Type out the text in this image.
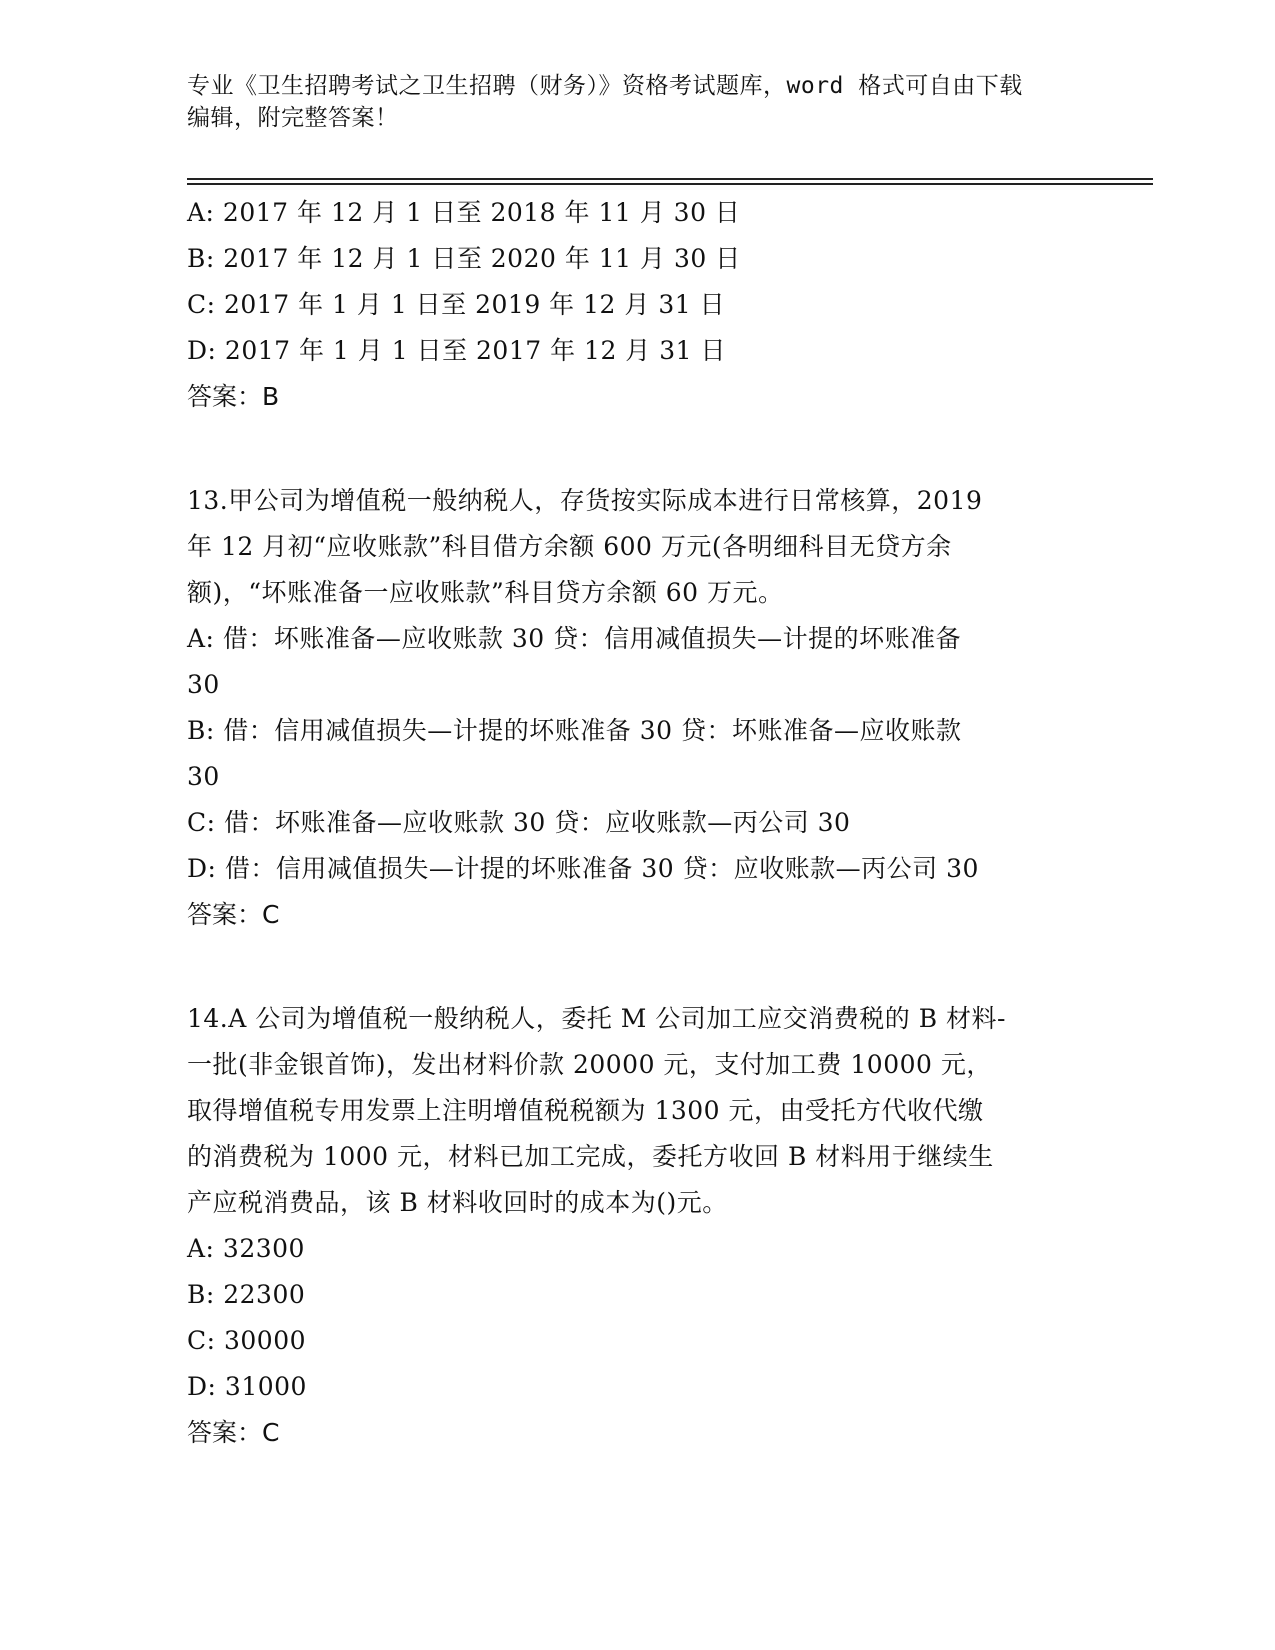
专业《卫生招聘考试之卫生招聘（财务）》资格考试题库，word 格式可自由下载
编辑，附完整答案！
A: 2017 年 12 月 1 日至 2018 年 11 月 30 日
B: 2017 年 12 月 1 日至 2020 年 11 月 30 日
C: 2017 年 1 月 1 日至 2019 年 12 月 31 日
D: 2017 年 1 月 1 日至 2017 年 12 月 31 日
答案：B
13.甲公司为增值税一般纳税人，存货按实际成本进行日常核算，2019
年 12 月初“应收账款”科目借方余额 600 万元(各明细科目无贷方余
额)，“坏账准备一应收账款”科目贷方余额 60 万元。
A: 借：坏账准备—应收账款 30 贷：信用减值损失—计提的坏账准备
30
B: 借：信用减值损失—计提的坏账准备 30 贷：坏账准备—应收账款
30
C: 借：坏账准备—应收账款 30 贷：应收账款—丙公司 30
D: 借：信用减值损失—计提的坏账准备 30 贷：应收账款—丙公司 30
答案：C
14.A 公司为增值税一般纳税人，委托 M 公司加工应交消费税的 B 材料-
一批(非金银首饰)，发出材料价款 20000 元，支付加工费 10000 元，
取得增值税专用发票上注明增值税税额为 1300 元，由受托方代收代缴
的消费税为 1000 元，材料已加工完成，委托方收回 B 材料用于继续生
产应税消费品，该 B 材料收回时的成本为()元。
A: 32300
B: 22300
C: 30000
D: 31000
答案：C
